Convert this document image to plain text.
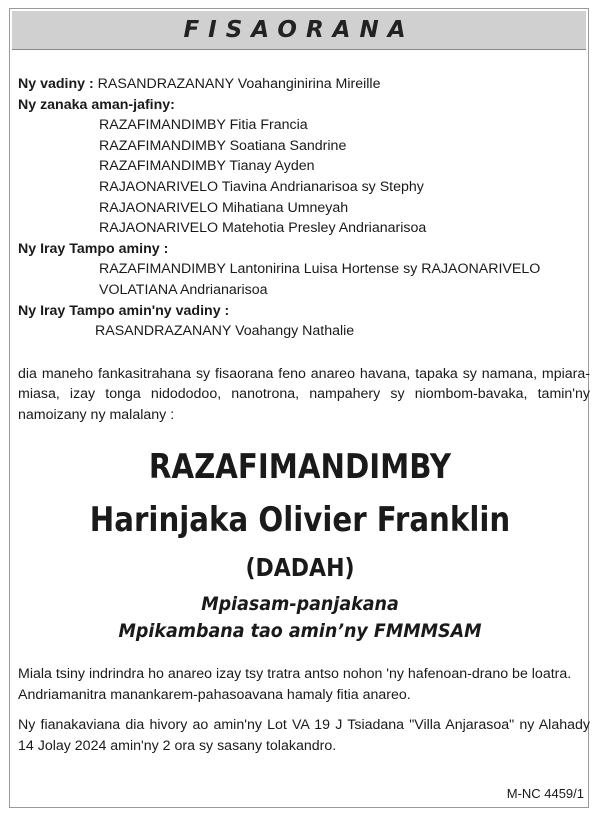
FISAORANA
Ny vadiny : RASANDRAZANANY Voahanginirina Mireille
Ny zanaka aman-jafiny:
RAZAFIMANDIMBY Fitia Francia
RAZAFIMANDIMBY Soatiana Sandrine
RAZAFIMANDIMBY Tianay Ayden
RAJAONARIVELO Tiavina Andrianarisoa sy Stephy
RAJAONARIVELO Mihatiana Umneyah
RAJAONARIVELO Matehotia Presley Andrianarisoa
Ny Iray Tampo aminy :
RAZAFIMANDIMBY Lantonirina Luisa Hortense sy RAJAONARIVELO
VOLATIANA Andrianarisoa
Ny Iray Tampo amin'ny vadiny :
RASANDRAZANANY Voahangy Nathalie
dia maneho fankasitrahana sy fisaorana feno anareo havana, tapaka sy namana, mpiara-miasa, izay tonga nidododoo, nanotrona, nampahery sy niombom-bavaka, tamin'ny namoizany ny malalany :
RAZAFIMANDIMBY
Harinjaka Olivier Franklin
(DADAH)
Mpiasam-panjakana
Mpikambana tao amin’ny FMMMSAM
Miala tsiny indrindra ho anareo izay tsy tratra antso nohon 'ny hafenoan-drano be loatra.
Andriamanitra manankarem-pahasoavana hamaly fitia anareo.
Ny fianakaviana dia hivory ao amin'ny Lot VA 19 J Tsiadana "Villa Anjarasoa" ny Alahady 14 Jolay 2024 amin'ny 2 ora sy sasany tolakandro.
M-NC 4459/1
